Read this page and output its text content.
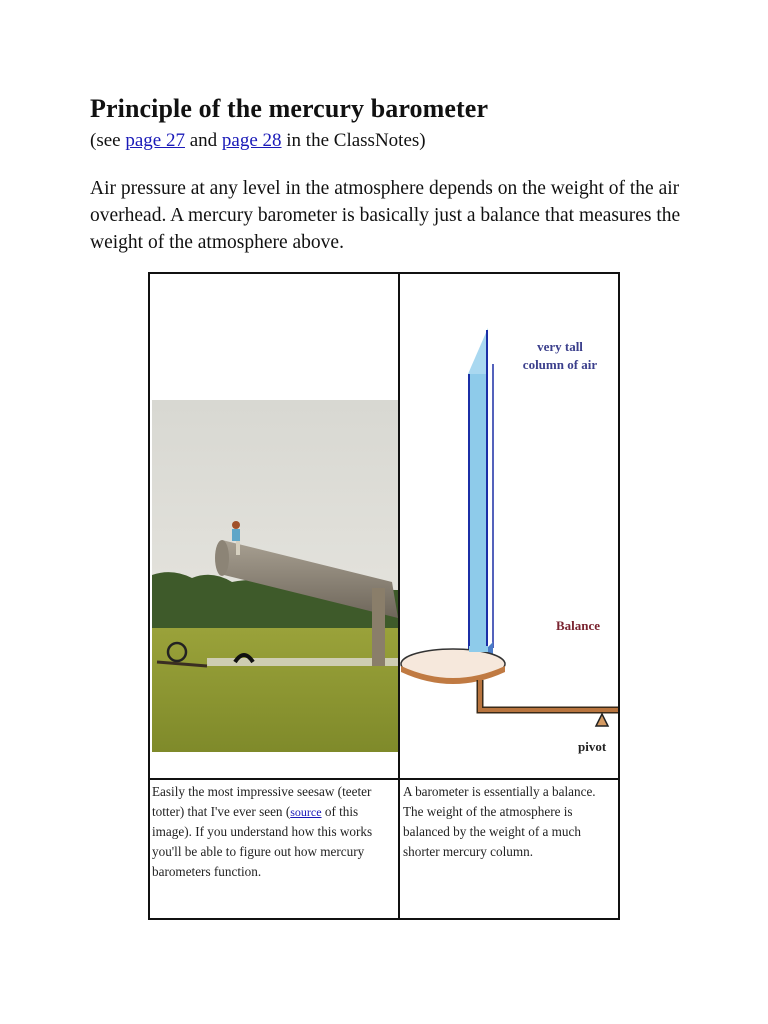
Principle of the mercury barometer
(see page 27 and page 28 in the ClassNotes)

Air pressure at any level in the atmosphere depends on the weight of the air overhead. A mercury barometer is basically just a balance that measures the weight of the atmosphere above.

very tall
column of air
Balance
pivot
Easily the most impressive seesaw (teeter totter) that I've ever seen (source of this image). If you understand how this works you'll be able to figure out how mercury barometers function.
A barometer is essentially a balance.
The weight of the atmosphere is balanced by the weight of a much shorter mercury column.
